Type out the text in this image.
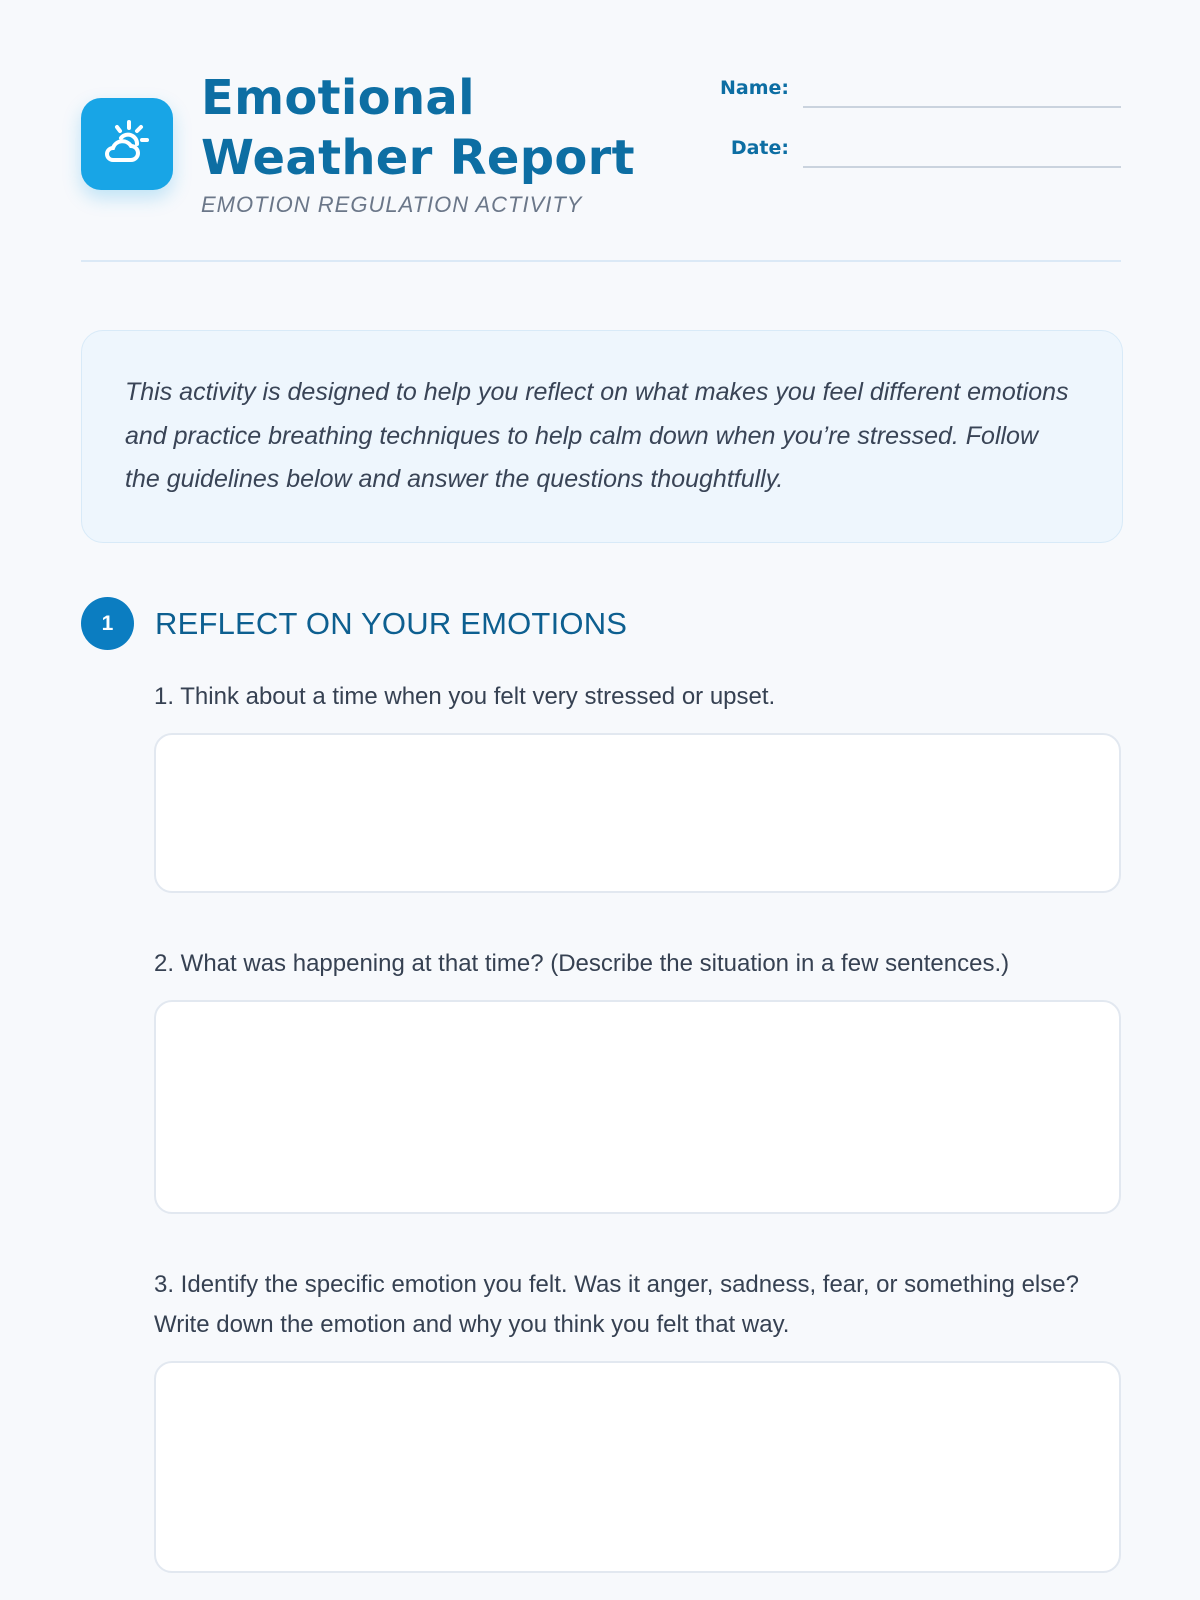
Emotional
Weather Report
EMOTION REGULATION ACTIVITY
Name:
Date:

This activity is designed to help you reflect on what makes you feel different emotions and practice breathing techniques to help calm down when you’re stressed. Follow the guidelines below and answer the questions thoughtfully.

1	REFLECT ON YOUR EMOTIONS
1. Think about a time when you felt very stressed or upset.
2. What was happening at that time? (Describe the situation in a few sentences.)
3. Identify the specific emotion you felt. Was it anger, sadness, fear, or something else? Write down the emotion and why you think you felt that way.
